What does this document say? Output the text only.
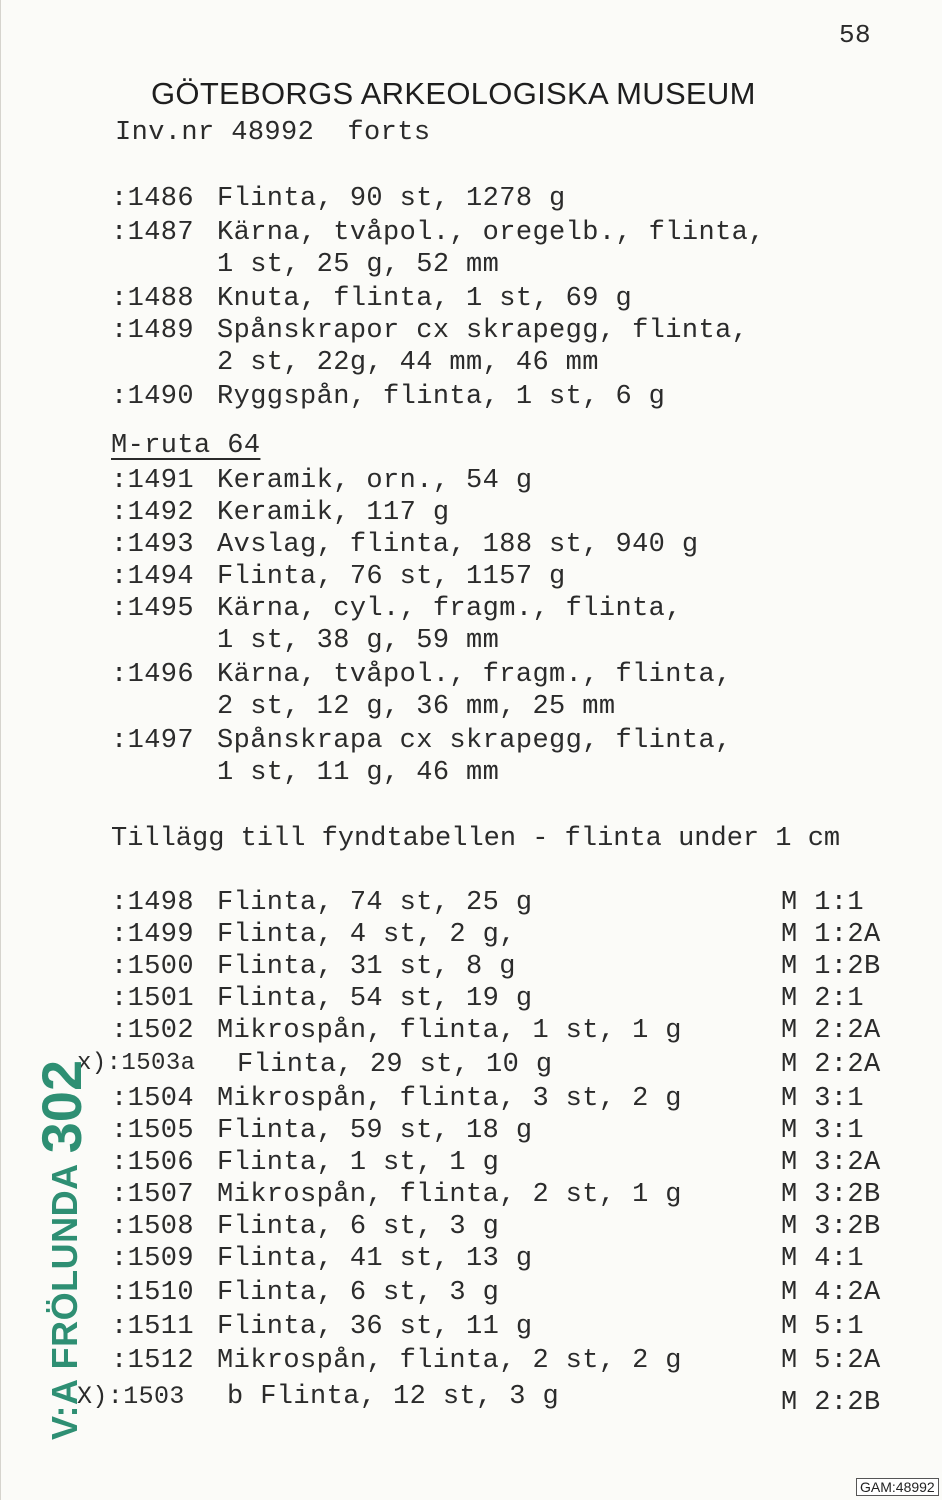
58
GÖTEBORGS ARKEOLOGISKA MUSEUM
Inv.nr 48992  forts
:1486 Flinta, 90 st, 1278 g
:1487 Kärna, tvåpol., oregelb., flinta,
1 st, 25 g, 52 mm
:1488 Knuta, flinta, 1 st, 69 g
:1489 Spånskrapor cx skrapegg, flinta,
2 st, 22g, 44 mm, 46 mm
:1490 Ryggspån, flinta, 1 st, 6 g
M-ruta 64
:1491 Keramik, orn., 54 g
:1492 Keramik, 117 g
:1493 Avslag, flinta, 188 st, 940 g
:1494 Flinta, 76 st, 1157 g
:1495 Kärna, cyl., fragm., flinta,
1 st, 38 g, 59 mm
:1496 Kärna, tvåpol., fragm., flinta,
2 st, 12 g, 36 mm, 25 mm
:1497 Spånskrapa cx skrapegg, flinta,
1 st, 11 g, 46 mm
Tillägg till fyndtabellen - flinta under 1 cm
:1498 Flinta, 74 st, 25 g	M 1:1
:1499 Flinta, 4 st, 2 g,	M 1:2A
:1500 Flinta, 31 st, 8 g	M 1:2B
:1501 Flinta, 54 st, 19 g	M 2:1
:1502 Mikrospån, flinta, 1 st, 1 g	M 2:2A
x):1503a Flinta, 29 st, 10 g	M 2:2A
:1504 Mikrospån, flinta, 3 st, 2 g	M 3:1
:1505 Flinta, 59 st, 18 g	M 3:1
:1506 Flinta, 1 st, 1 g	M 3:2A
:1507 Mikrospån, flinta, 2 st, 1 g	M 3:2B
:1508 Flinta, 6 st, 3 g	M 3:2B
:1509 Flinta, 41 st, 13 g	M 4:1
:1510 Flinta, 6 st, 3 g	M 4:2A
:1511 Flinta, 36 st, 11 g	M 5:1
:1512 Mikrospån, flinta, 2 st, 2 g	M 5:2A
X):1503 b Flinta, 12 st, 3 g	M 2:2B
V:A FRÖLUNDA302
GAM:48992
